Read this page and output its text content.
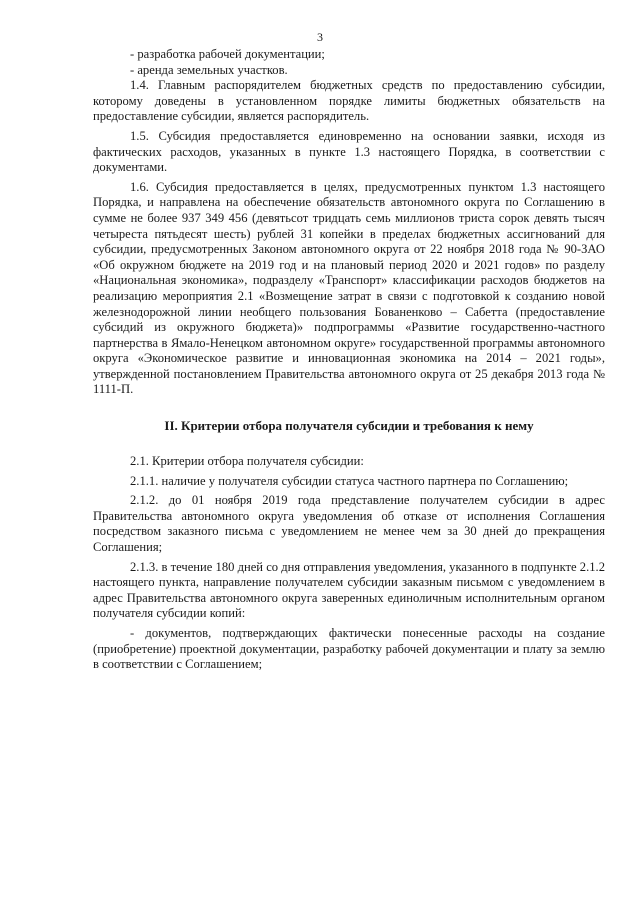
3

- разработка рабочей документации;

- аренда земельных участков.

1.4. Главным распорядителем бюджетных средств по предоставлению субсидии, которому доведены в установленном порядке лимиты бюджетных обязательств на предоставление субсидии, является распорядитель.

1.5. Субсидия предоставляется единовременно на основании заявки, исходя из фактических расходов, указанных в пункте 1.3 настоящего Порядка, в соответствии с документами.

1.6. Субсидия предоставляется в целях, предусмотренных пунктом 1.3 настоящего Порядка, и направлена на обеспечение обязательств автономного округа по Соглашению в сумме не более 937 349 456 (девятьсот тридцать семь миллионов триста сорок девять тысяч четыреста пятьдесят шесть) рублей 31 копейки в пределах бюджетных ассигнований для субсидии, предусмотренных Законом автономного округа от 22 ноября 2018 года № 90-ЗАО «Об окружном бюджете на 2019 год и на плановый период 2020 и 2021 годов» по разделу «Национальная экономика», подразделу «Транспорт» классификации расходов бюджетов на реализацию мероприятия 2.1 «Возмещение затрат в связи с подготовкой к созданию новой железнодорожной линии необщего пользования Бованенково – Сабетта (предоставление субсидий из окружного бюджета)» подпрограммы «Развитие государственно-частного партнерства в Ямало-Ненецком автономном округе» государственной программы автономного округа «Экономическое развитие и инновационная экономика на 2014 – 2021 годы», утвержденной постановлением Правительства автономного округа от 25 декабря 2013 года № 1111-П.

II. Критерии отбора получателя субсидии и требования к нему

2.1. Критерии отбора получателя субсидии:

2.1.1. наличие у получателя субсидии статуса частного партнера по Соглашению;

2.1.2. до 01 ноября 2019 года представление получателем субсидии в адрес Правительства автономного округа уведомления об отказе от исполнения Соглашения посредством заказного письма с уведомлением не менее чем за 30 дней до прекращения Соглашения;

2.1.3. в течение 180 дней со дня отправления уведомления, указанного в подпункте 2.1.2 настоящего пункта, направление получателем субсидии заказным письмом с уведомлением в адрес Правительства автономного округа заверенных единоличным исполнительным органом получателя субсидии копий:

- документов, подтверждающих фактически понесенные расходы на создание (приобретение) проектной документации, разработку рабочей документации и плату за землю в соответствии с Соглашением;
